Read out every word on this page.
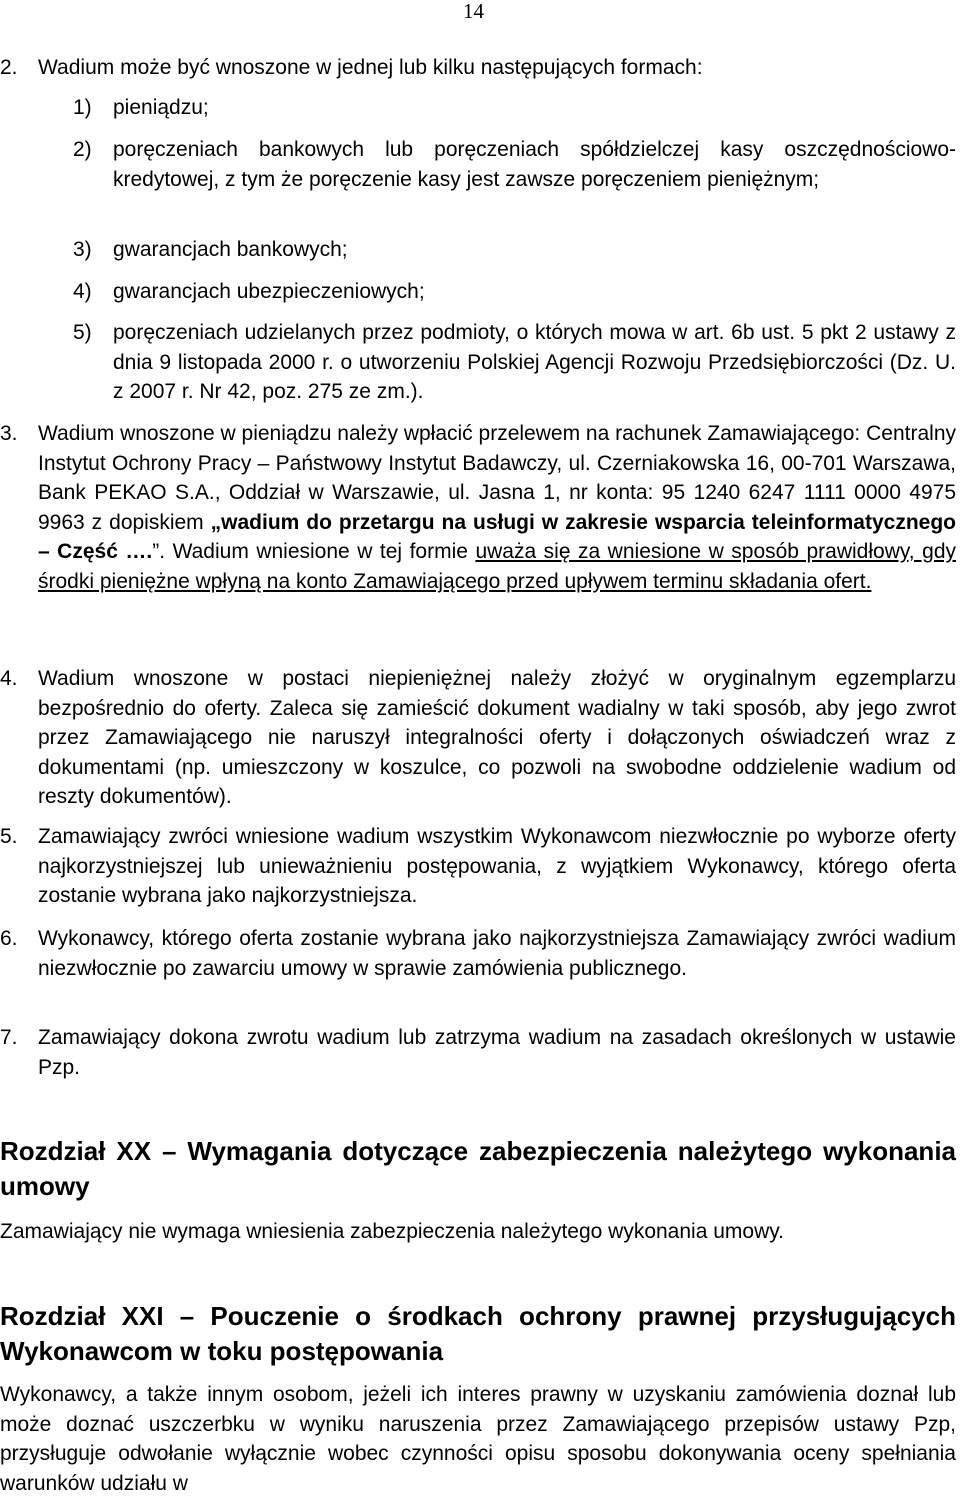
14
2. Wadium może być wnoszone w jednej lub kilku następujących formach:
1) pieniądzu;
2) poręczeniach bankowych lub poręczeniach spółdzielczej kasy oszczędnościowo-kredytowej, z tym że poręczenie kasy jest zawsze poręczeniem pieniężnym;
3) gwarancjach bankowych;
4) gwarancjach ubezpieczeniowych;
5) poręczeniach udzielanych przez podmioty, o których mowa w art. 6b ust. 5 pkt 2 ustawy z dnia 9 listopada 2000 r. o utworzeniu Polskiej Agencji Rozwoju Przedsiębiorczości (Dz. U. z 2007 r. Nr 42, poz. 275 ze zm.).
3. Wadium wnoszone w pieniądzu należy wpłacić przelewem na rachunek Zamawiającego: Centralny Instytut Ochrony Pracy – Państwowy Instytut Badawczy, ul. Czerniakowska 16, 00-701 Warszawa, Bank PEKAO S.A., Oddział w Warszawie, ul. Jasna 1, nr konta: 95 1240 6247 1111 0000 4975 9963 z dopiskiem „wadium do przetargu na usługi w zakresie wsparcia teleinformatycznego – Część ….”. Wadium wniesione w tej formie uważa się za wniesione w sposób prawidłowy, gdy środki pieniężne wpłyną na konto Zamawiającego przed upływem terminu składania ofert.
4. Wadium wnoszone w postaci niepieniężnej należy złożyć w oryginalnym egzemplarzu bezpośrednio do oferty. Zaleca się zamieścić dokument wadialny w taki sposób, aby jego zwrot przez Zamawiającego nie naruszył integralności oferty i dołączonych oświadczeń wraz z dokumentami (np. umieszczony w koszulce, co pozwoli na swobodne oddzielenie wadium od reszty dokumentów).
5. Zamawiający zwróci wniesione wadium wszystkim Wykonawcom niezwłocznie po wyborze oferty najkorzystniejszej lub unieważnieniu postępowania, z wyjątkiem Wykonawcy, którego oferta zostanie wybrana jako najkorzystniejsza.
6. Wykonawcy, którego oferta zostanie wybrana jako najkorzystniejsza Zamawiający zwróci wadium niezwłocznie po zawarciu umowy w sprawie zamówienia publicznego.
7. Zamawiający dokona zwrotu wadium lub zatrzyma wadium na zasadach określonych w ustawie Pzp.
Rozdział XX – Wymagania dotyczące zabezpieczenia należytego wykonania umowy
Zamawiający nie wymaga wniesienia zabezpieczenia należytego wykonania umowy.
Rozdział XXI – Pouczenie o środkach ochrony prawnej przysługujących Wykonawcom w toku postępowania
Wykonawcy, a także innym osobom, jeżeli ich interes prawny w uzyskaniu zamówienia doznał lub może doznać uszczerbku w wyniku naruszenia przez Zamawiającego przepisów ustawy Pzp, przysługuje odwołanie wyłącznie wobec czynności opisu sposobu dokonywania oceny spełniania warunków udziału w
